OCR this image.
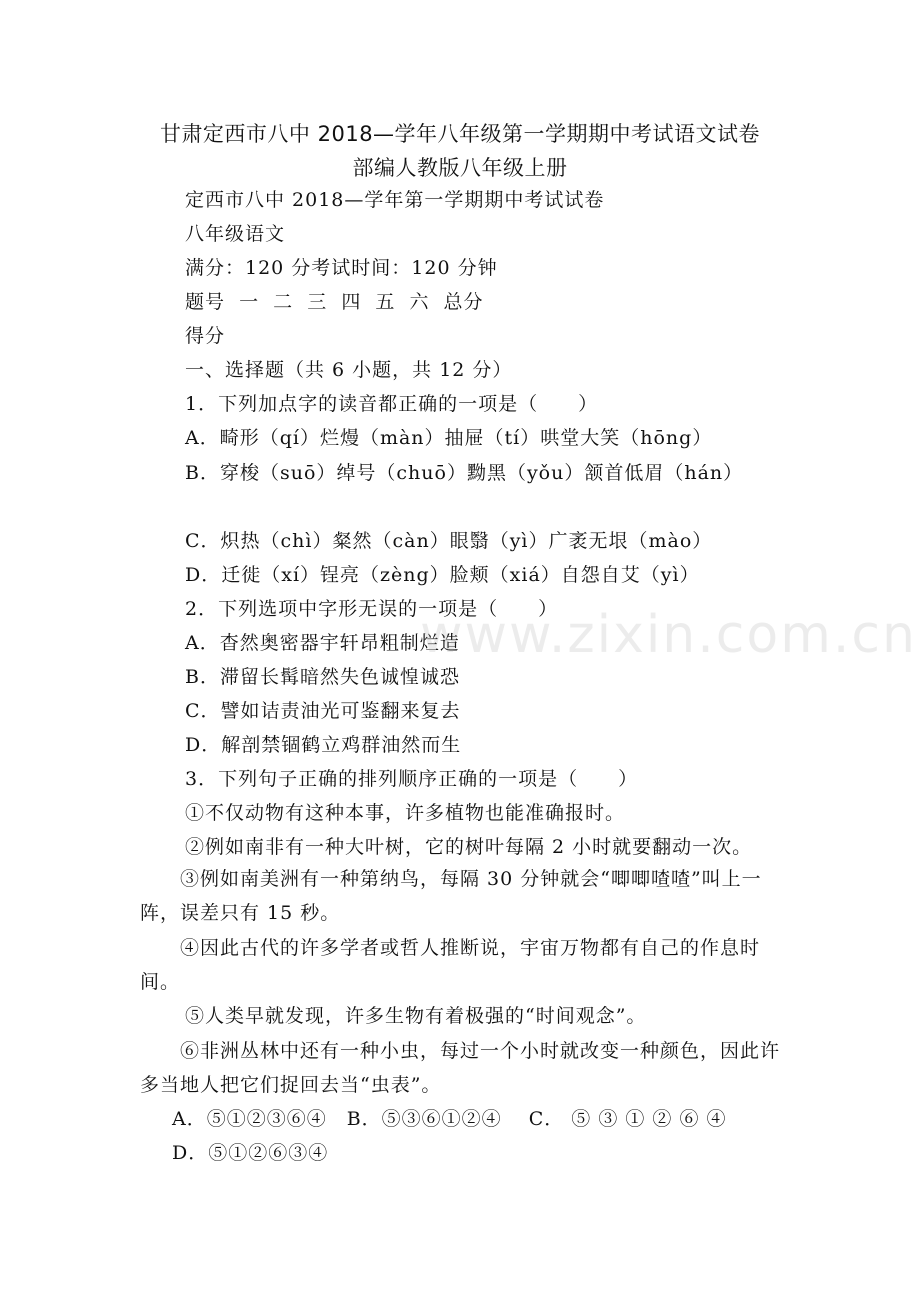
甘肃定西市八中 2018—学年八年级第一学期期中考试语文试卷
部编人教版八年级上册
定西市八中 2018—学年第一学期期中考试试卷
八年级语文
满分：120 分考试时间：120 分钟
题号  一  二  三  四  五  六  总分
得分
一、选择题（共 6 小题，共 12 分）
1．下列加点字的读音都正确的一项是（　　）
A．畸形（qí）烂熳（màn）抽屉（tí）哄堂大笑（hōng）
B．穿梭（suō）绰号（chuō）黝黑（yǒu）颔首低眉（hán）
C．炽热（chì）粲然（càn）眼翳（yì）广袤无垠（mào）
D．迁徙（xí）锃亮（zèng）脸颊（xiá）自怨自艾（yì）
2．下列选项中字形无误的一项是（　　）
A．杳然奥密器宇轩昂粗制烂造
B．滞留长髯暗然失色诚惶诚恐
C．譬如诘责油光可鉴翻来复去
D．解剖禁锢鹤立鸡群油然而生
3．下列句子正确的排列顺序正确的一项是（　　）
①不仅动物有这种本事，许多植物也能准确报时。
②例如南非有一种大叶树，它的树叶每隔 2 小时就要翻动一次。
③例如南美洲有一种第纳鸟，每隔 30 分钟就会“唧唧喳喳”叫上一阵，误差只有 15 秒。
④因此古代的许多学者或哲人推断说，宇宙万物都有自己的作息时间。
⑤人类早就发现，许多生物有着极强的“时间观念”。
⑥非洲丛林中还有一种小虫，每过一个小时就改变一种颜色，因此许多当地人把它们捉回去当“虫表”。
A．⑤①②③⑥④　B．⑤③⑥①②④　 C． ⑤ ③ ① ② ⑥ ④
D．⑤①②⑥③④
www.zixin.com.cn
